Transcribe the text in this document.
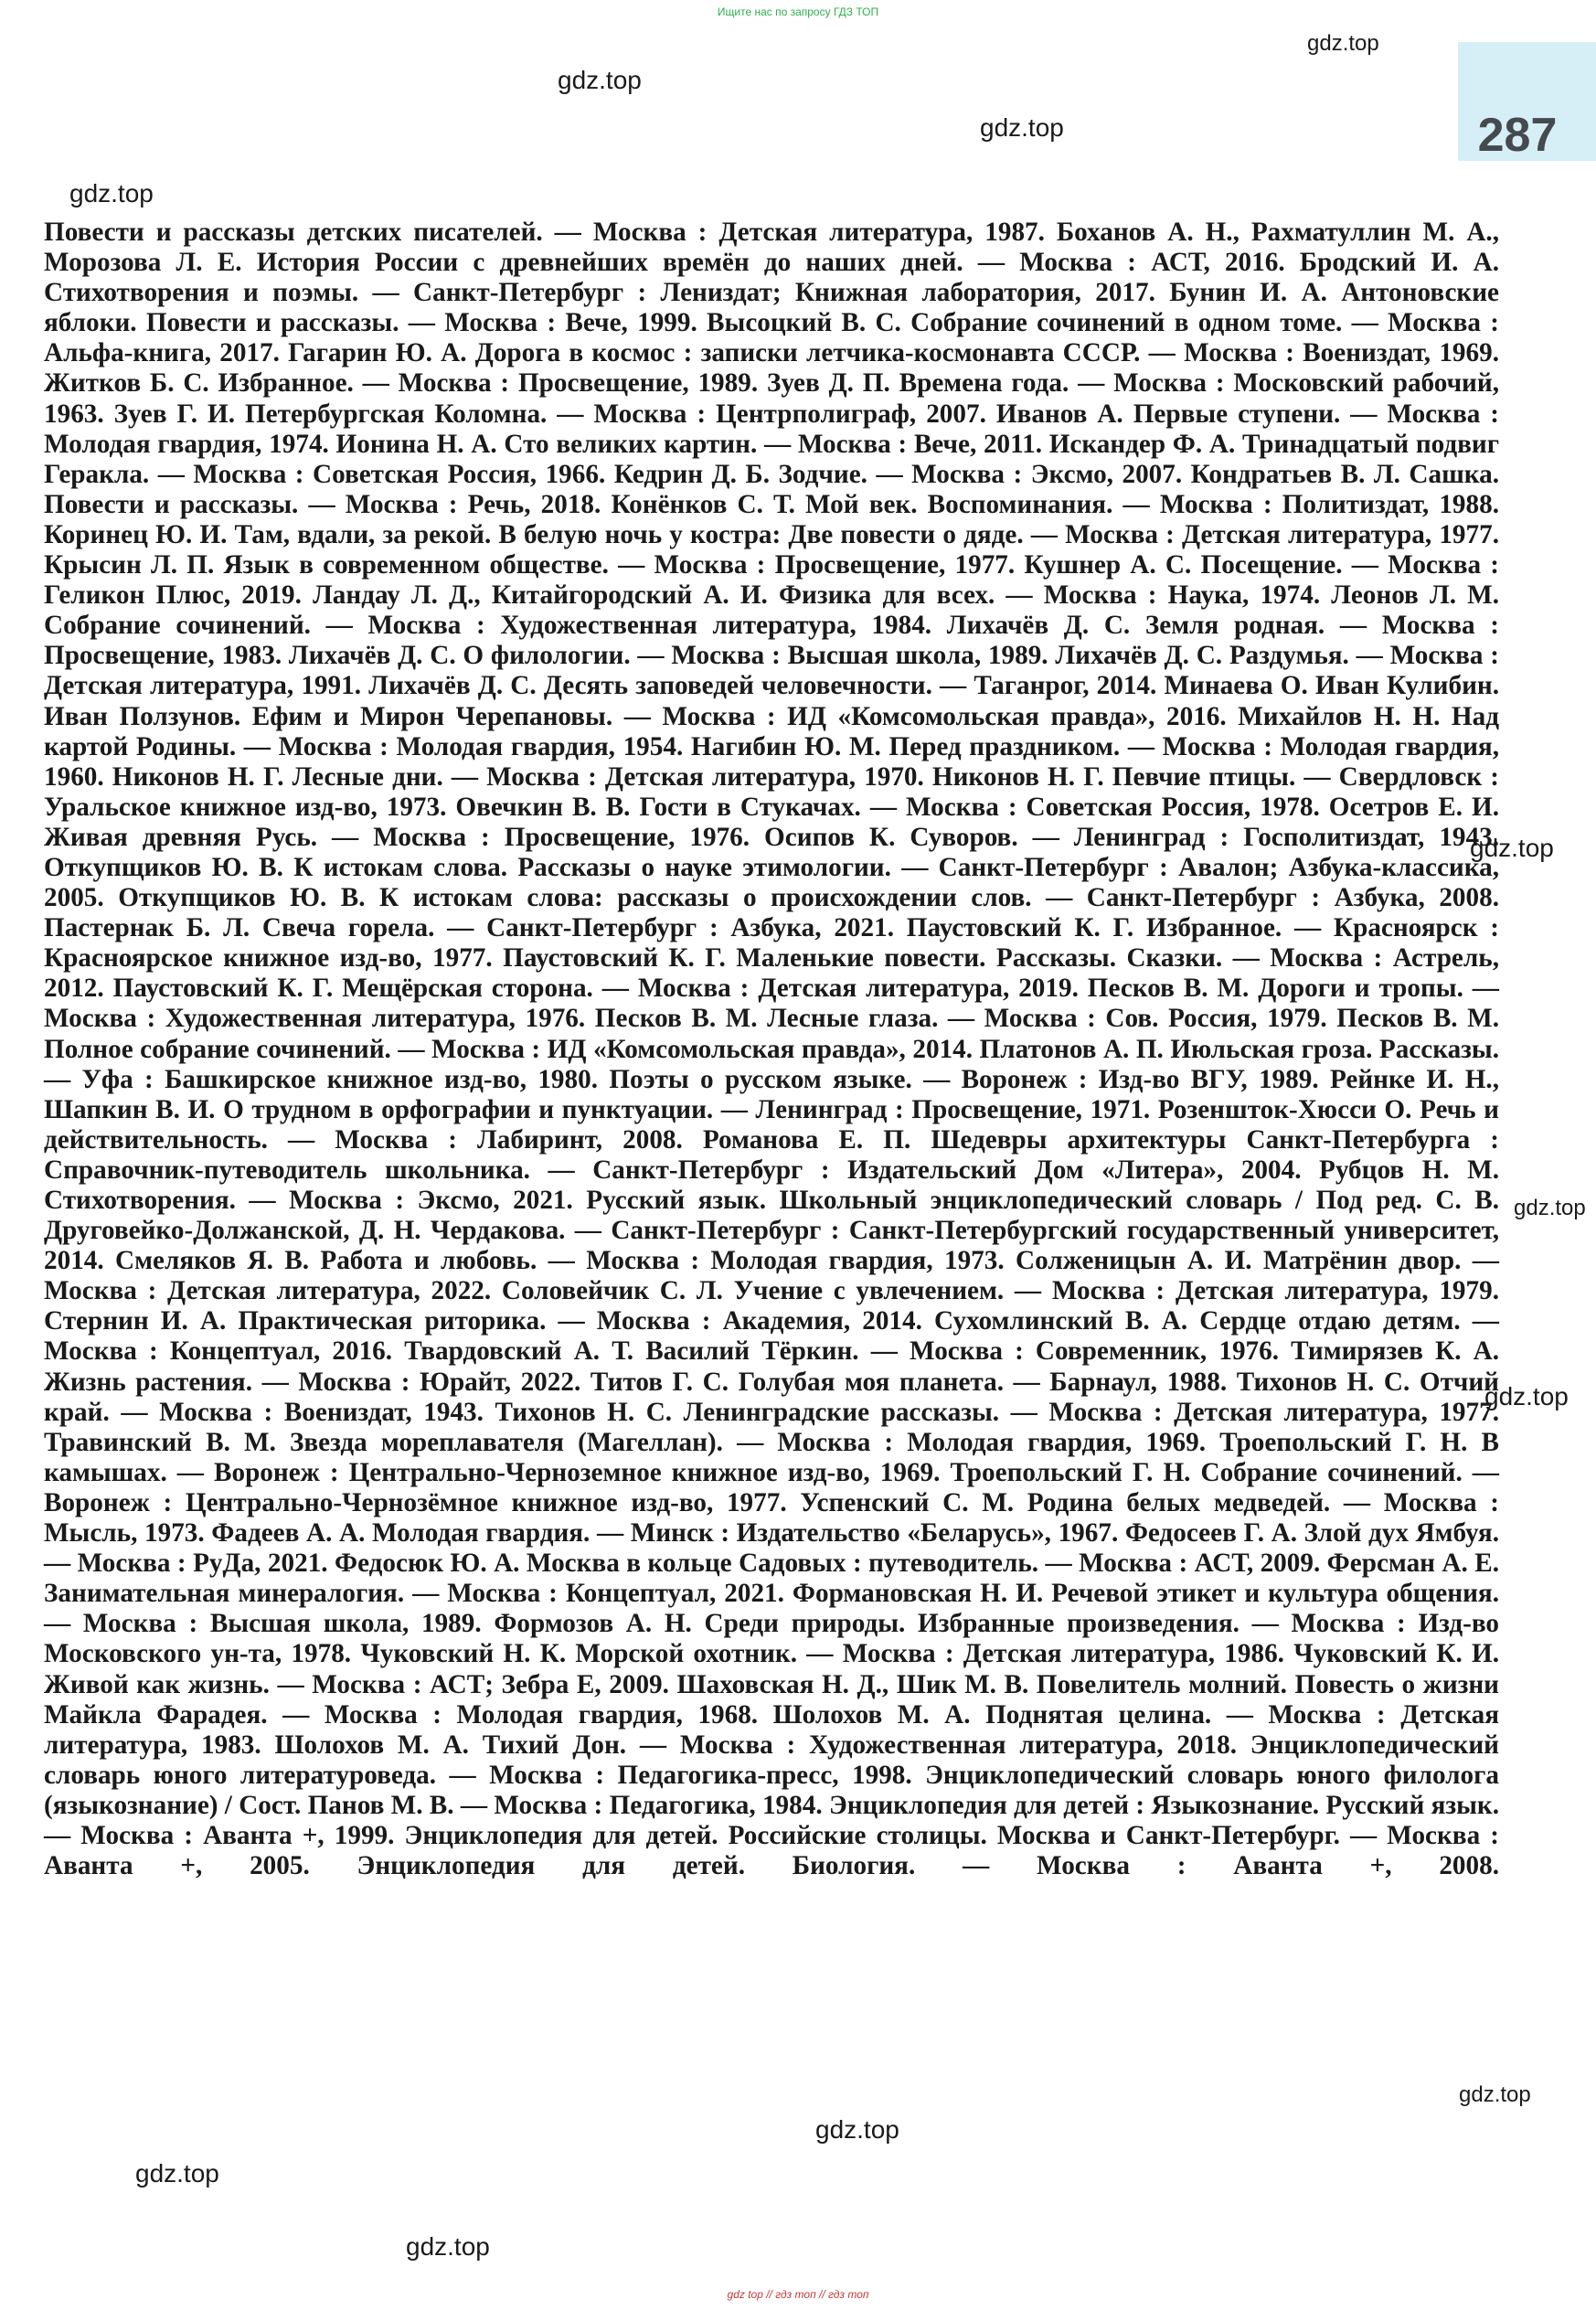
Ищите нас по запросу ГДЗ ТОП
287
gdz.top
gdz.top
gdz.top
gdz.top
gdz.top
gdz.top
gdz.top
gdz.top
gdz.top
gdz.top
gdz.top

Повести и рассказы детских писателей. — Москва : Детская литература, 1987. Боханов А. Н., Рахматуллин М. А., Морозова Л. Е. История России с древнейших времён до наших дней. — Москва : АСТ, 2016. Бродский И. А. Стихотворения и поэмы. — Санкт-Петербург : Лениздат; Книжная лаборатория, 2017. Бунин И. А. Антоновские яблоки. Повести и рассказы. — Москва : Вече, 1999. Высоцкий В. С. Собрание сочинений в одном томе. — Москва : Альфа-книга, 2017. Гагарин Ю. А. Дорога в космос : записки летчика-космонавта СССР. — Москва : Воениздат, 1969. Житков Б. С. Избранное. — Москва : Просвещение, 1989. Зуев Д. П. Времена года. — Москва : Московский рабочий, 1963. Зуев Г. И. Петербургская Коломна. — Москва : Центрполиграф, 2007. Иванов А. Первые ступени. — Москва : Молодая гвардия, 1974. Ионина Н. А. Сто великих картин. — Москва : Вече, 2011. Искандер Ф. А. Тринадцатый подвиг Геракла. — Москва : Советская Россия, 1966. Кедрин Д. Б. Зодчие. — Москва : Эксмо, 2007. Кондратьев В. Л. Сашка. Повести и рассказы. — Москва : Речь, 2018. Конёнков С. Т. Мой век. Воспоминания. — Москва : Политиздат, 1988. Коринец Ю. И. Там, вдали, за рекой. В белую ночь у костра: Две повести о дяде. — Москва : Детская литература, 1977. Крысин Л. П. Язык в современном обществе. — Москва : Просвещение, 1977. Кушнер А. С. Посещение. — Москва : Геликон Плюс, 2019. Ландау Л. Д., Китайгородский А. И. Физика для всех. — Москва : Наука, 1974. Леонов Л. М. Собрание сочинений. — Москва : Художественная литература, 1984. Лихачёв Д. С. Земля родная. — Москва : Просвещение, 1983. Лихачёв Д. С. О филологии. — Москва : Высшая школа, 1989. Лихачёв Д. С. Раздумья. — Москва : Детская литература, 1991. Лихачёв Д. С. Десять заповедей человечности. — Таганрог, 2014. Минаева О. Иван Кулибин. Иван Ползунов. Ефим и Мирон Черепановы. — Москва : ИД «Комсомольская правда», 2016. Михайлов Н. Н. Над картой Родины. — Москва : Молодая гвардия, 1954. Нагибин Ю. М. Перед праздником. — Москва : Молодая гвардия, 1960. Никонов Н. Г. Лесные дни. — Москва : Детская литература, 1970. Никонов Н. Г. Певчие птицы. — Свердловск : Уральское книжное изд-во, 1973. Овечкин В. В. Гости в Стукачах. — Москва : Советская Россия, 1978. Осетров Е. И. Живая древняя Русь. — Москва : Просвещение, 1976. Осипов К. Суворов. — Ленинград : Госполитиздат, 1943. Откупщиков Ю. В. К истокам слова. Рассказы о науке этимологии. — Санкт-Петербург : Авалон; Азбука-классика, 2005. Откупщиков Ю. В. К истокам слова: рассказы о происхождении слов. — Санкт-Петербург : Азбука, 2008. Пастернак Б. Л. Свеча горела. — Санкт-Петербург : Азбука, 2021. Паустовский К. Г. Избранное. — Красноярск : Красноярское книжное изд-во, 1977. Паустовский К. Г. Маленькие повести. Рассказы. Сказки. — Москва : Астрель, 2012. Паустовский К. Г. Мещёрская сторона. — Москва : Детская литература, 2019. Песков В. М. Дороги и тропы. — Москва : Художественная литература, 1976. Песков В. М. Лесные глаза. — Москва : Сов. Россия, 1979. Песков В. М. Полное собрание сочинений. — Москва : ИД «Комсомольская правда», 2014. Платонов А. П. Июльская гроза. Рассказы. — Уфа : Башкирское книжное изд-во, 1980. Поэты о русском языке. — Воронеж : Изд-во ВГУ, 1989. Рейнке И. Н., Шапкин В. И. О трудном в орфографии и пунктуации. — Ленинград : Просвещение, 1971. Розеншток-Хюсси О. Речь и действительность. — Москва : Лабиринт, 2008. Романова Е. П. Шедевры архитектуры Санкт-Петербурга : Справочник-путеводитель школьника. — Санкт-Петербург : Издательский Дом «Литера», 2004. Рубцов Н. М. Стихотворения. — Москва : Эксмо, 2021. Русский язык. Школьный энциклопедический словарь / Под ред. С. В. Друговейко-Должанской, Д. Н. Чердакова. — Санкт-Петербург : Санкт-Петербургский государственный университет, 2014. Смеляков Я. В. Работа и любовь. — Москва : Молодая гвардия, 1973. Солженицын А. И. Матрёнин двор. — Москва : Детская литература, 2022. Соловейчик С. Л. Учение с увлечением. — Москва : Детская литература, 1979. Стернин И. А. Практическая риторика. — Москва : Академия, 2014. Сухомлинский В. А. Сердце отдаю детям. — Москва : Концептуал, 2016. Твардовский А. Т. Василий Тёркин. — Москва : Современник, 1976. Тимирязев К. А. Жизнь растения. — Москва : Юрайт, 2022. Титов Г. С. Голубая моя планета. — Барнаул, 1988. Тихонов Н. С. Отчий край. — Москва : Воениздат, 1943. Тихонов Н. С. Ленинградские рассказы. — Москва : Детская литература, 1977. Травинский В. М. Звезда мореплавателя (Магеллан). — Москва : Молодая гвардия, 1969. Троепольский Г. Н. В камышах. — Воронеж : Центрально-Черноземное книжное изд-во, 1969. Троепольский Г. Н. Собрание сочинений. — Воронеж : Центрально-Чернозёмное книжное изд-во, 1977. Успенский С. М. Родина белых медведей. — Москва : Мысль, 1973. Фадеев А. А. Молодая гвардия. — Минск : Издательство «Беларусь», 1967. Федосеев Г. А. Злой дух Ямбуя. — Москва : РуДа, 2021. Федосюк Ю. А. Москва в кольце Садовых : путеводитель. — Москва : АСТ, 2009. Ферсман А. Е. Занимательная минералогия. — Москва : Концептуал, 2021. Формановская Н. И. Речевой этикет и культура общения. — Москва : Высшая школа, 1989. Формозов А. Н. Среди природы. Избранные произведения. — Москва : Изд-во Московского ун-та, 1978. Чуковский Н. К. Морской охотник. — Москва : Детская литература, 1986. Чуковский К. И. Живой как жизнь. — Москва : АСТ; Зебра Е, 2009. Шаховская Н. Д., Шик М. В. Повелитель молний. Повесть о жизни Майкла Фарадея. — Москва : Молодая гвардия, 1968. Шолохов М. А. Поднятая целина. — Москва : Детская литература, 1983. Шолохов М. А. Тихий Дон. — Москва : Художественная литература, 2018. Энциклопедический словарь юного литературоведа. — Москва : Педагогика-пресс, 1998. Энциклопедический словарь юного филолога (языкознание) / Сост. Панов М. В. — Москва : Педагогика, 1984. Энциклопедия для детей : Языкознание. Русский язык. — Москва : Аванта +, 1999. Энциклопедия для детей. Российские столицы. Москва и Санкт-Петербург. — Москва : Аванта +, 2005. Энциклопедия для детей. Биология. — Москва : Аванта +, 2008.

gdz top // гдз топ // гдз топ
